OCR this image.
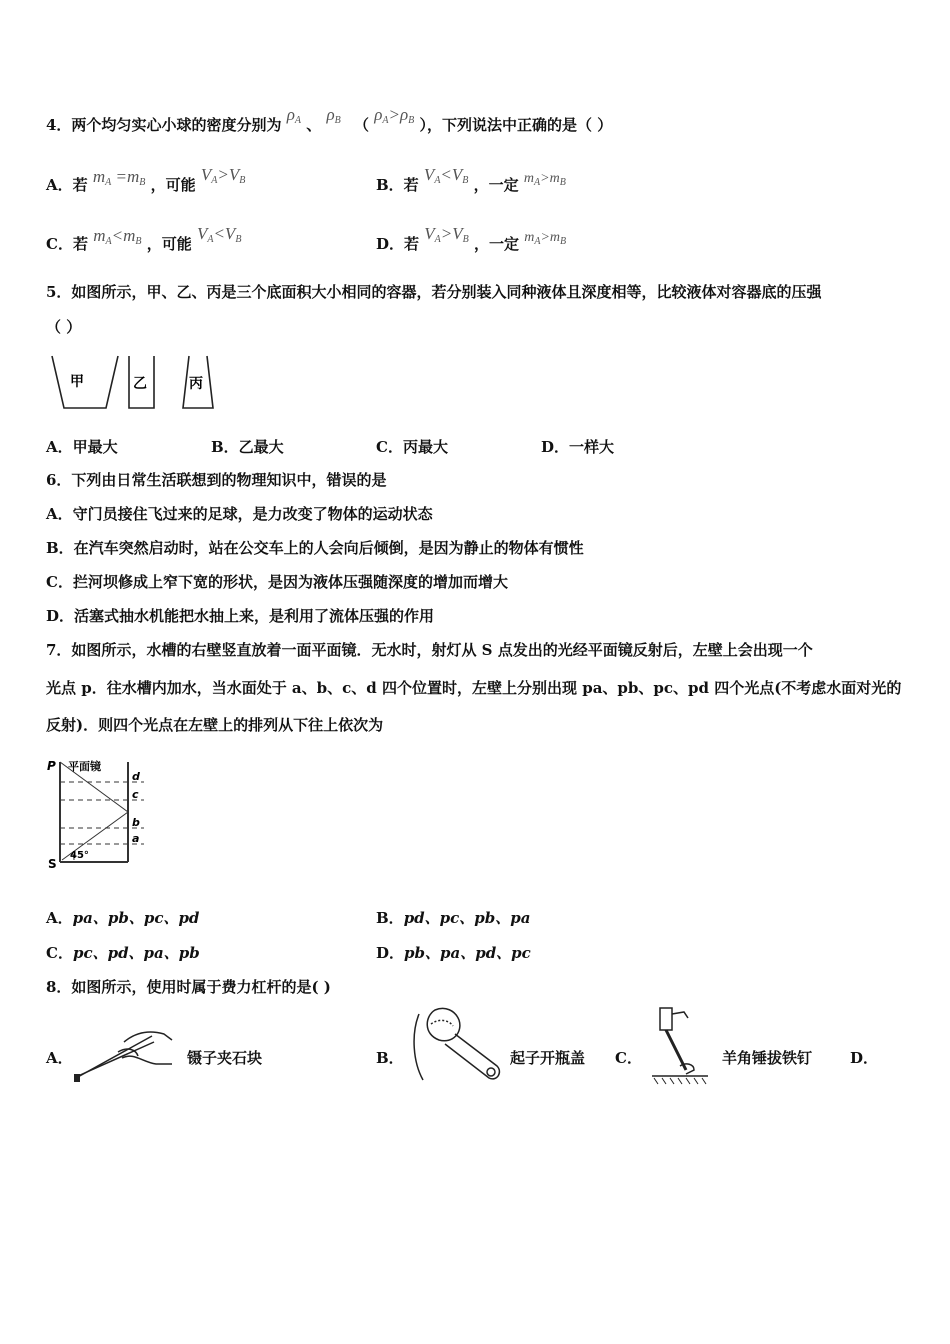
4．两个均匀实心小球的密度分别为 $\rho_A$ 、 $\rho_B$ （ $\rho_A>\rho_B$ ），下列说法中正确的是（ ）
A．若 $m_A =m_B$ ，可能 $V_A>V_B$	B．若 $V_A<V_B$ ，一定 $m_A>m_B$
C．若 $m_A<m_B$ ，可能 $V_A<V_B$	D．若 $V_A>V_B$ ，一定 $m_A>m_B$
5．如图所示，甲、乙、丙是三个底面积大小相同的容器，若分别装入同种液体且深度相等，比较液体对容器底的压强
（ ）
甲	乙	丙
A．甲最大	B．乙最大	C．丙最大	D．一样大
6．下列由日常生活联想到的物理知识中，错误的是
A．守门员接住飞过来的足球，是力改变了物体的运动状态
B．在汽车突然启动时，站在公交车上的人会向后倾倒，是因为静止的物体有惯性
C．拦河坝修成上窄下宽的形状，是因为液体压强随深度的增加而增大
D．活塞式抽水机能把水抽上来，是利用了流体压强的作用
7．如图所示，水槽的右壁竖直放着一面平面镜．无水时，射灯从 S 点发出的光经平面镜反射后，左壁上会出现一个
光点 p．往水槽内加水，当水面处于 a、b、c、d 四个位置时，左壁上分别出现 pa、pb、pc、pd 四个光点(不考虑水面对光的
反射)．则四个光点在左壁上的排列从下往上依次为
P 平面镜
d
c
b
a
S
45°
A．pa、pb、pc、pd	B．pd、pc、pb、pa
C．pc、pd、pa、pb	D．pb、pa、pd、pc
8．如图所示，使用时属于费力杠杆的是( )
A．	镊子夹石块	B．	起子开瓶盖 C．	羊角锤拔铁钉	D．
